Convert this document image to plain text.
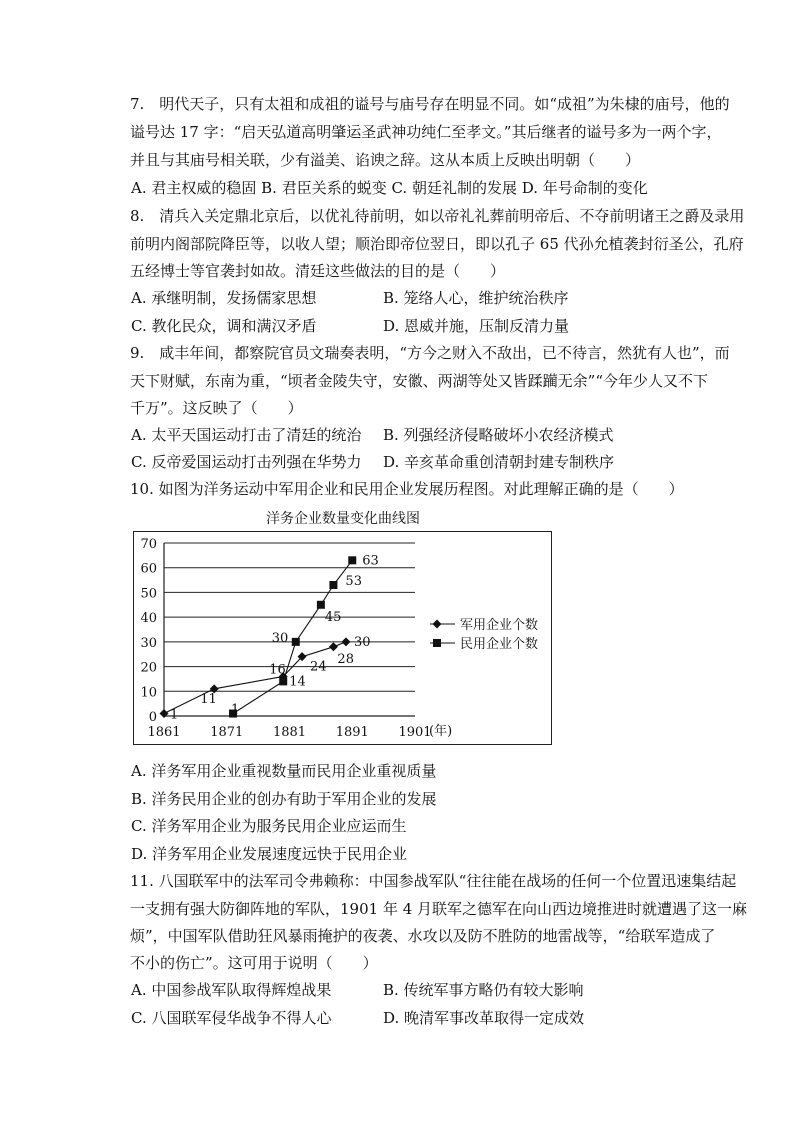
7.　明代天子，只有太祖和成祖的谥号与庙号存在明显不同。如“成祖”为朱棣的庙号，他的
谥号达 17 字：“启天弘道高明肇运圣武神功纯仁至孝文。”其后继者的谥号多为一两个字，
并且与其庙号相关联，少有溢美、谄谀之辞。这从本质上反映出明朝（　　）
A. 君主权威的稳固 B. 君臣关系的蜕变 C. 朝廷礼制的发展 D. 年号命制的变化
8.　清兵入关定鼎北京后，以优礼待前明，如以帝礼礼葬前明帝后、不夺前明诸王之爵及录用
前明内阁部院降臣等，以收人望；顺治即帝位翌日，即以孔子 65 代孙允植袭封衍圣公，孔府
五经博士等官袭封如故。清廷这些做法的目的是（　　）
A. 承继明制，发扬儒家思想	B. 笼络人心，维护统治秩序
C. 教化民众，调和满汉矛盾	D. 恩威并施，压制反清力量
9.　咸丰年间，都察院官员文瑞奏表明，“方今之财入不敌出，已不待言，然犹有人也”，而
天下财赋，东南为重，“顷者金陵失守，安徽、两湖等处又皆蹂躏无余”“今年少人又不下
千万”。这反映了（　　）
A. 太平天国运动打击了清廷的统治 B. 列强经济侵略破坏小农经济模式
C. 反帝爱国运动打击列强在华势力 D. 辛亥革命重创清朝封建专制秩序
10. 如图为洋务运动中军用企业和民用企业发展历程图。对此理解正确的是（　　）
洋务企业数量变化曲线图
0
10
20
30
40
50
60
70
1861 1871 1881 1891 1901
(年)
1
11
16 24
28
30
1
14
30
45
53
63
军用企业个数
民用企业个数
A. 洋务军用企业重视数量而民用企业重视质量
B. 洋务民用企业的创办有助于军用企业的发展
C. 洋务军用企业为服务民用企业应运而生
D. 洋务军用企业发展速度远快于民用企业
11. 八国联军中的法军司令弗赖称：中国参战军队“往往能在战场的任何一个位置迅速集结起
一支拥有强大防御阵地的军队，1901 年 4 月联军之德军在向山西边境推进时就遭遇了这一麻
烦”，中国军队借助狂风暴雨掩护的夜袭、水攻以及防不胜防的地雷战等，“给联军造成了
不小的伤亡”。这可用于说明（　　）
A. 中国参战军队取得辉煌战果	B. 传统军事方略仍有较大影响
C. 八国联军侵华战争不得人心	D. 晚清军事改革取得一定成效
